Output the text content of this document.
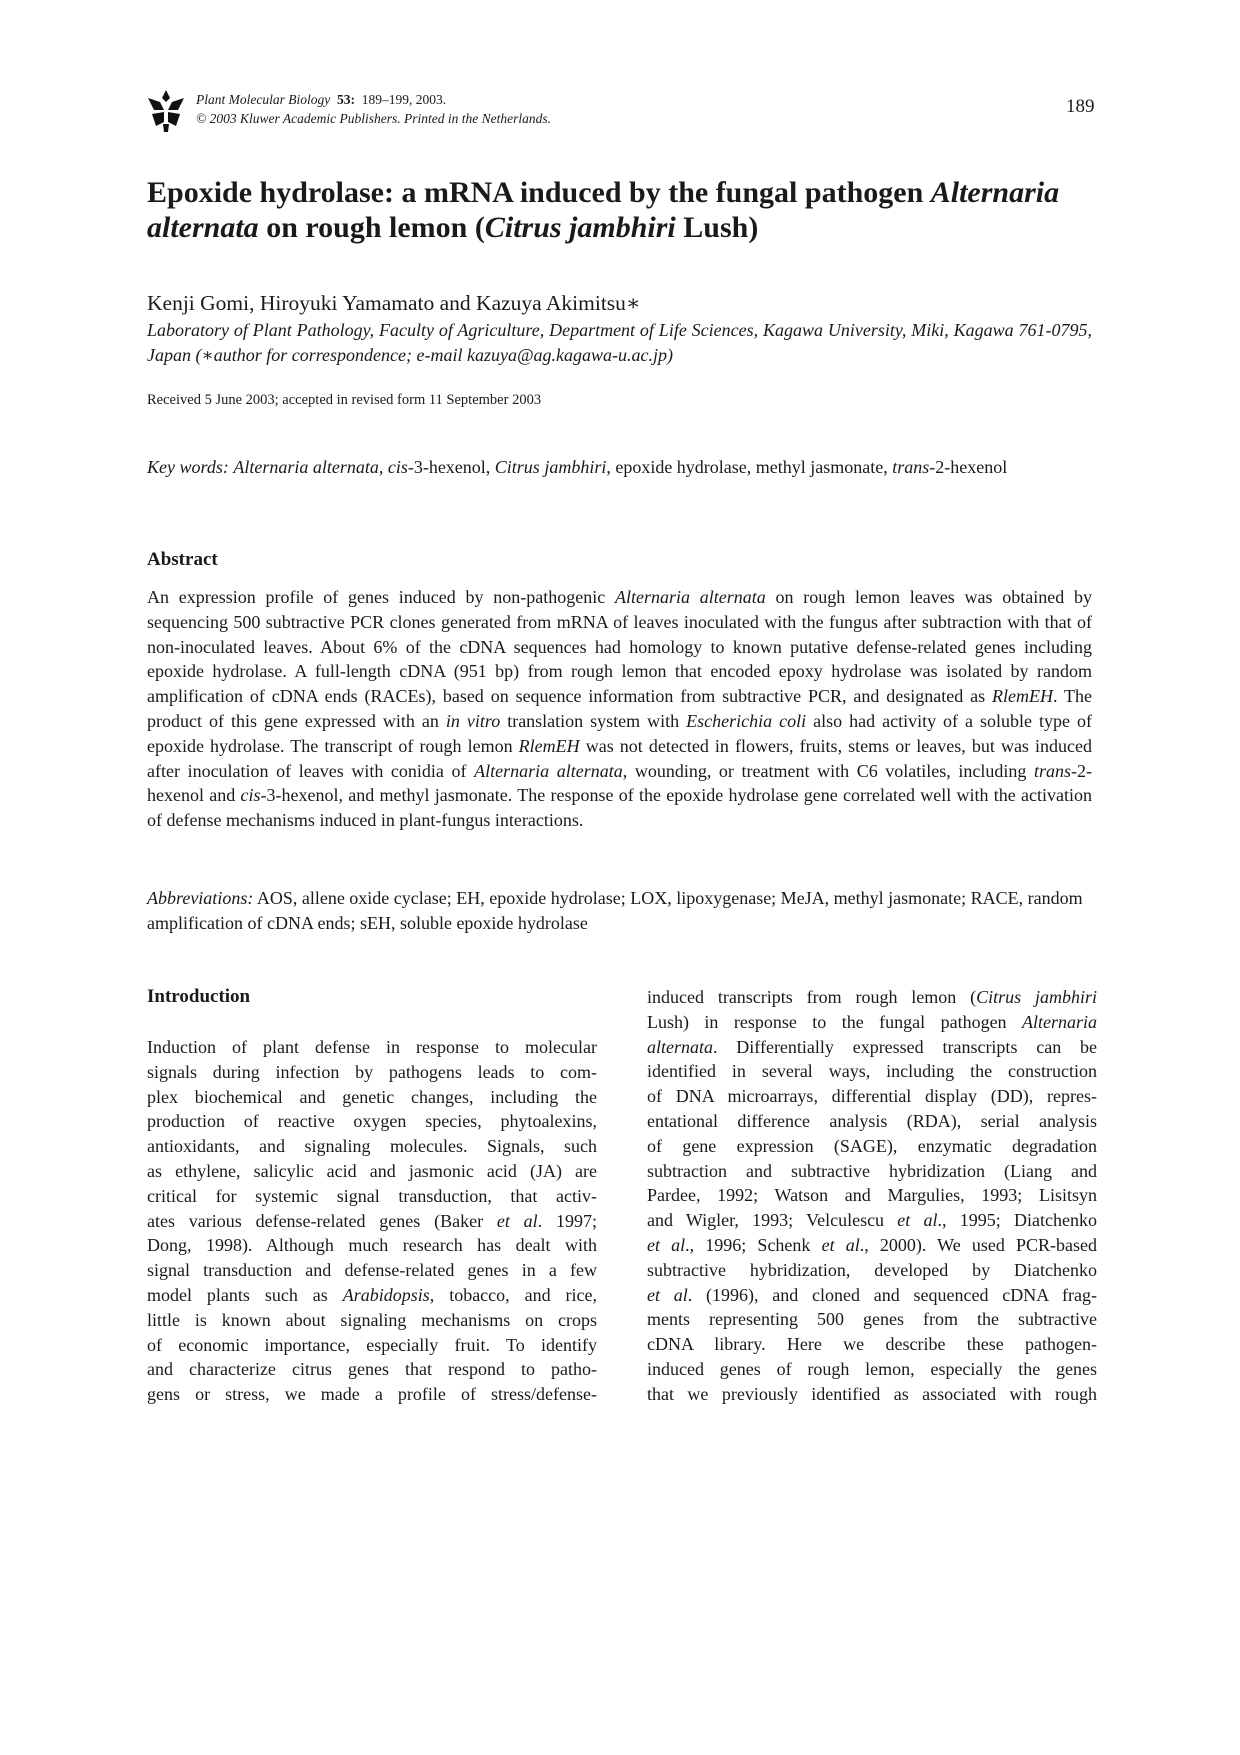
Plant Molecular Biology 53: 189–199, 2003.
© 2003 Kluwer Academic Publishers. Printed in the Netherlands.
189
Epoxide hydrolase: a mRNA induced by the fungal pathogen Alternaria alternata on rough lemon (Citrus jambhiri Lush)
Kenji Gomi, Hiroyuki Yamamato and Kazuya Akimitsu∗
Laboratory of Plant Pathology, Faculty of Agriculture, Department of Life Sciences, Kagawa University, Miki, Kagawa 761-0795, Japan (∗author for correspondence; e-mail kazuya@ag.kagawa-u.ac.jp)
Received 5 June 2003; accepted in revised form 11 September 2003
Key words: Alternaria alternata, cis-3-hexenol, Citrus jambhiri, epoxide hydrolase, methyl jasmonate, trans-2-hexenol
Abstract
An expression profile of genes induced by non-pathogenic Alternaria alternata on rough lemon leaves was obtained by sequencing 500 subtractive PCR clones generated from mRNA of leaves inoculated with the fungus after subtraction with that of non-inoculated leaves. About 6% of the cDNA sequences had homology to known putative defense-related genes including epoxide hydrolase. A full-length cDNA (951 bp) from rough lemon that encoded epoxy hydrolase was isolated by random amplification of cDNA ends (RACEs), based on sequence information from subtractive PCR, and designated as RlemEH. The product of this gene expressed with an in vitro translation system with Escherichia coli also had activity of a soluble type of epoxide hydrolase. The transcript of rough lemon RlemEH was not detected in flowers, fruits, stems or leaves, but was induced after inoculation of leaves with conidia of Alternaria alternata, wounding, or treatment with C6 volatiles, including trans-2-hexenol and cis-3-hexenol, and methyl jasmonate. The response of the epoxide hydrolase gene correlated well with the activation of defense mechanisms induced in plant-fungus interactions.
Abbreviations: AOS, allene oxide cyclase; EH, epoxide hydrolase; LOX, lipoxygenase; MeJA, methyl jasmonate; RACE, random amplification of cDNA ends; sEH, soluble epoxide hydrolase
Introduction
Induction of plant defense in response to molecular
signals during infection by pathogens leads to com-
plex biochemical and genetic changes, including the
production of reactive oxygen species, phytoalexins,
antioxidants, and signaling molecules. Signals, such
as ethylene, salicylic acid and jasmonic acid (JA) are
critical for systemic signal transduction, that activ-
ates various defense-related genes (Baker et al. 1997;
Dong, 1998). Although much research has dealt with
signal transduction and defense-related genes in a few
model plants such as Arabidopsis, tobacco, and rice,
little is known about signaling mechanisms on crops
of economic importance, especially fruit. To identify
and characterize citrus genes that respond to patho-
gens or stress, we made a profile of stress/defense-
induced transcripts from rough lemon (Citrus jambhiri
Lush) in response to the fungal pathogen Alternaria
alternata. Differentially expressed transcripts can be
identified in several ways, including the construction
of DNA microarrays, differential display (DD), repres-
entational difference analysis (RDA), serial analysis
of gene expression (SAGE), enzymatic degradation
subtraction and subtractive hybridization (Liang and
Pardee, 1992; Watson and Margulies, 1993; Lisitsyn
and Wigler, 1993; Velculescu et al., 1995; Diatchenko
et al., 1996; Schenk et al., 2000). We used PCR-based
subtractive hybridization, developed by Diatchenko
et al. (1996), and cloned and sequenced cDNA frag-
ments representing 500 genes from the subtractive
cDNA library. Here we describe these pathogen-
induced genes of rough lemon, especially the genes
that we previously identified as associated with rough
